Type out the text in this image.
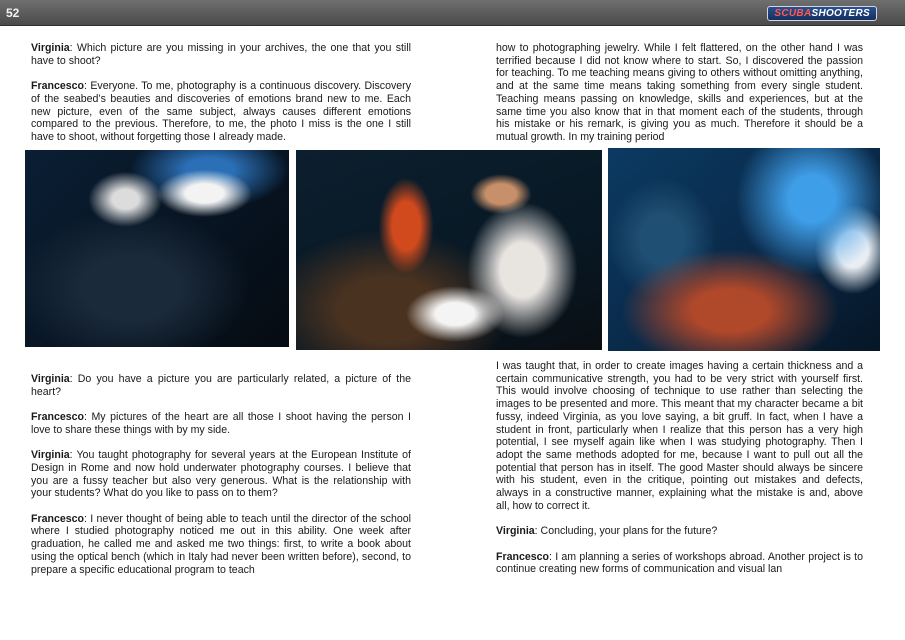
52	SCUBASHOOTERS

Virginia: Which picture are you missing in your archives, the one that you still have to shoot?

Francesco: Everyone. To me, photography is a continuous discovery. Discovery of the seabed’s beauties and discoveries of emotions brand new to me. Each new picture, even of the same subject, always causes different emotions compared to the previous. Therefore, to me, the photo I miss is the one I still have to shoot, without forgetting those I already made.

how to photographing jewelry. While I felt flattered, on the other hand I was terrified because I did not know where to start. So, I discovered the passion for teaching. To me teaching means giving to others without omitting anything, and at the same time means taking something from every single student. Teaching means passing on knowledge, skills and experiences, but at the same time you also know that in that moment each of the students, through his mistake or his remark, is giving you as much. Therefore it should be a mutual growth. In my training period

Virginia: Do you have a picture you are particularly related, a picture of the heart?

Francesco: My pictures of the heart are all those I shoot having the person I love to share these things with by my side.

Virginia: You taught photography for several years at the European Institute of Design in Rome and now hold underwater photography courses. I believe that you are a fussy teacher but also very generous. What is the relationship with your students? What do you like to pass on to them?

Francesco: I never thought of being able to teach until the director of the school where I studied photography noticed me out in this ability. One week after graduation, he called me and asked me two things: first, to write a book about using the optical bench (which in Italy had never been written before), second, to prepare a specific educational program to teach

I was taught that, in order to create images having a certain thickness and a certain communicative strength, you had to be very strict with yourself first. This would involve choosing of technique to use rather than selecting the images to be presented and more. This meant that my character became a bit fussy, indeed Virginia, as you love saying, a bit gruff. In fact, when I have a student in front, particularly when I realize that this person has a very high potential, I see myself again like when I was studying photography. Then I adopt the same methods adopted for me, because I want to pull out all the potential that person has in itself. The good Master should always be sincere with his student, even in the critique, pointing out mistakes and defects, always in a constructive manner, explaining what the mistake is and, above all, how to correct it.

Virginia: Concluding, your plans for the future?

Francesco: I am planning a series of workshops abroad. Another project is to continue creating new forms of communication and visual lan
